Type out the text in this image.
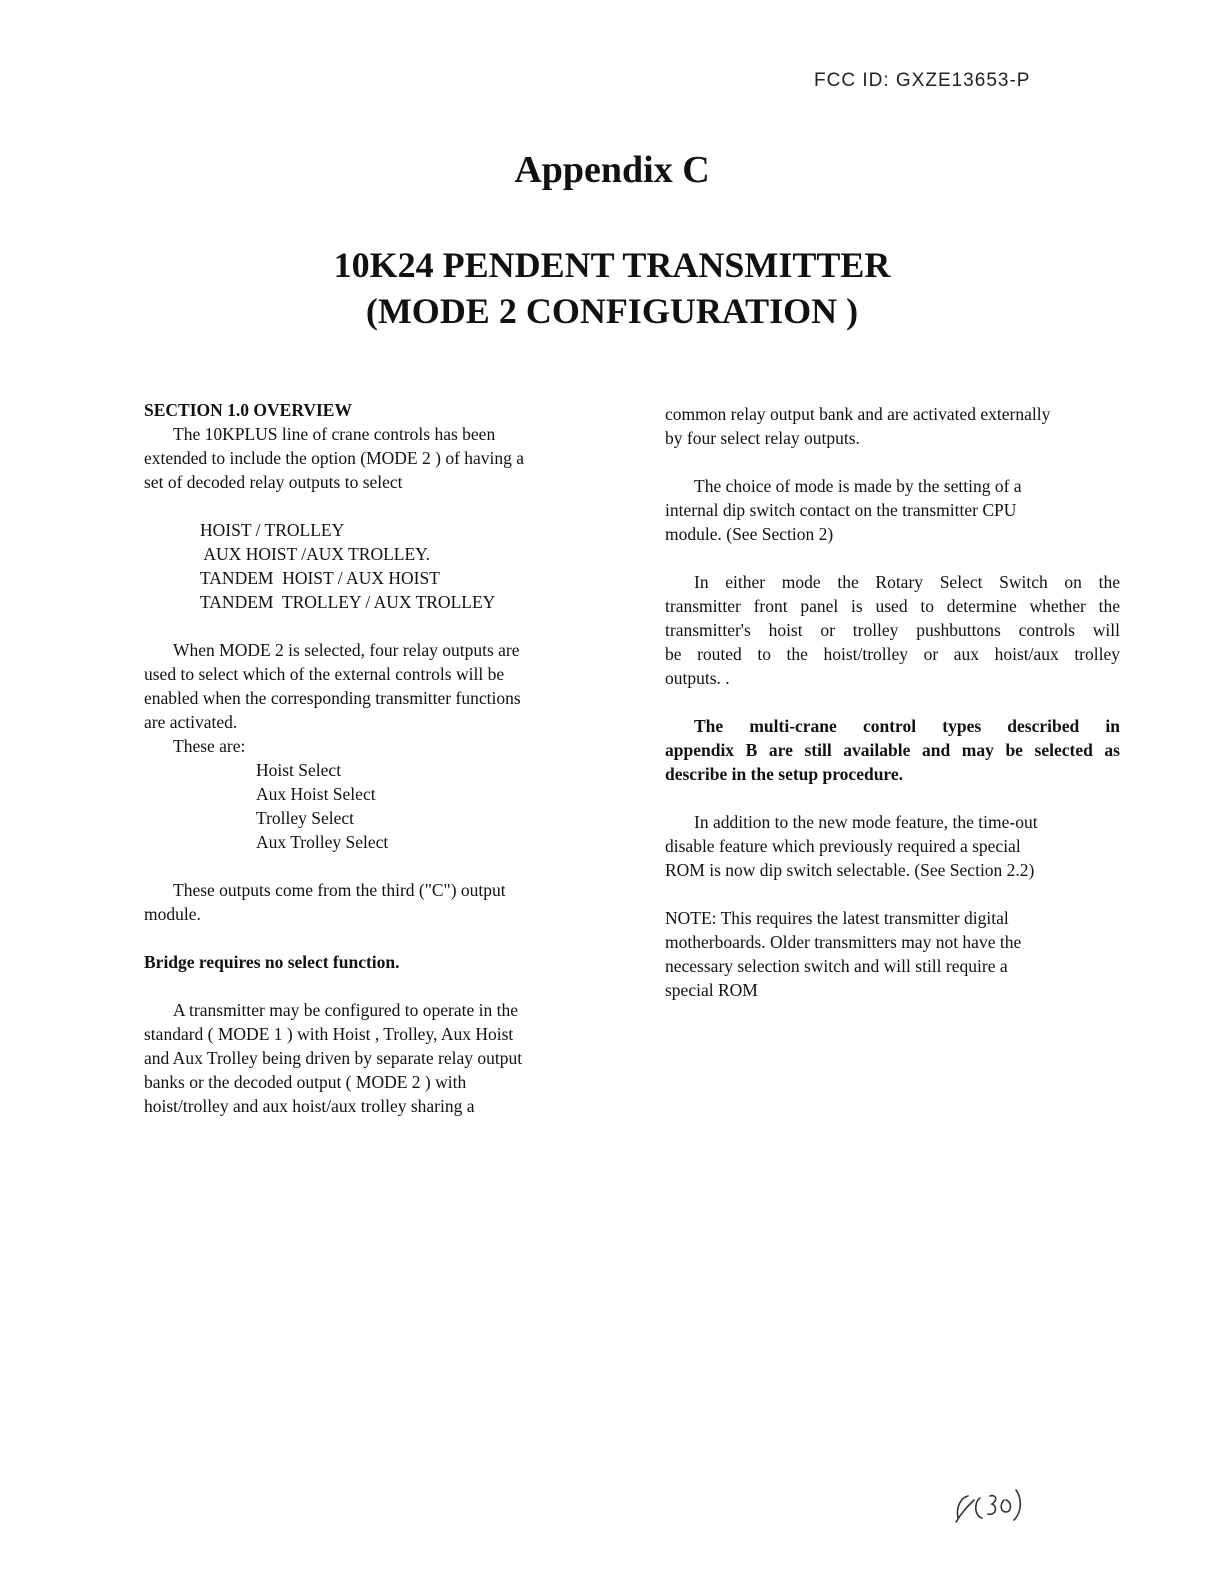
FCC ID: GXZE13653-P
Appendix C
10K24 PENDENT TRANSMITTER
(MODE 2 CONFIGURATION )
SECTION 1.0 OVERVIEW
The 10KPLUS line of crane controls has been
extended to include the option (MODE 2 ) of having a
set of decoded relay outputs to select
HOIST / TROLLEY
AUX HOIST /AUX TROLLEY.
TANDEM  HOIST / AUX HOIST
TANDEM  TROLLEY / AUX TROLLEY
When MODE 2 is selected, four relay outputs are
used to select which of the external controls will be
enabled when the corresponding transmitter functions
are activated.
These are:
Hoist Select
Aux Hoist Select
Trolley Select
Aux Trolley Select
These outputs come from the third ("C") output
module.
Bridge requires no select function.
A transmitter may be configured to operate in the
standard ( MODE 1 ) with Hoist , Trolley, Aux Hoist
and Aux Trolley being driven by separate relay output
banks or the decoded output ( MODE 2 ) with
hoist/trolley and aux hoist/aux trolley sharing a
common relay output bank and are activated externally
by four select relay outputs.
The choice of mode is made by the setting of a
internal dip switch contact on the transmitter CPU
module. (See Section 2)
In either mode the Rotary Select Switch on the
transmitter front panel is used to determine whether the
transmitter's hoist or trolley pushbuttons controls will
be routed to the hoist/trolley or aux hoist/aux trolley
outputs. .
The multi-crane control types described in
appendix B are still available and may be selected as
describe in the setup procedure.
In addition to the new mode feature, the time-out
disable feature which previously required a special
ROM is now dip switch selectable. (See Section 2.2)
NOTE: This requires the latest transmitter digital
motherboards. Older transmitters may not have the
necessary selection switch and will still require a
special ROM
